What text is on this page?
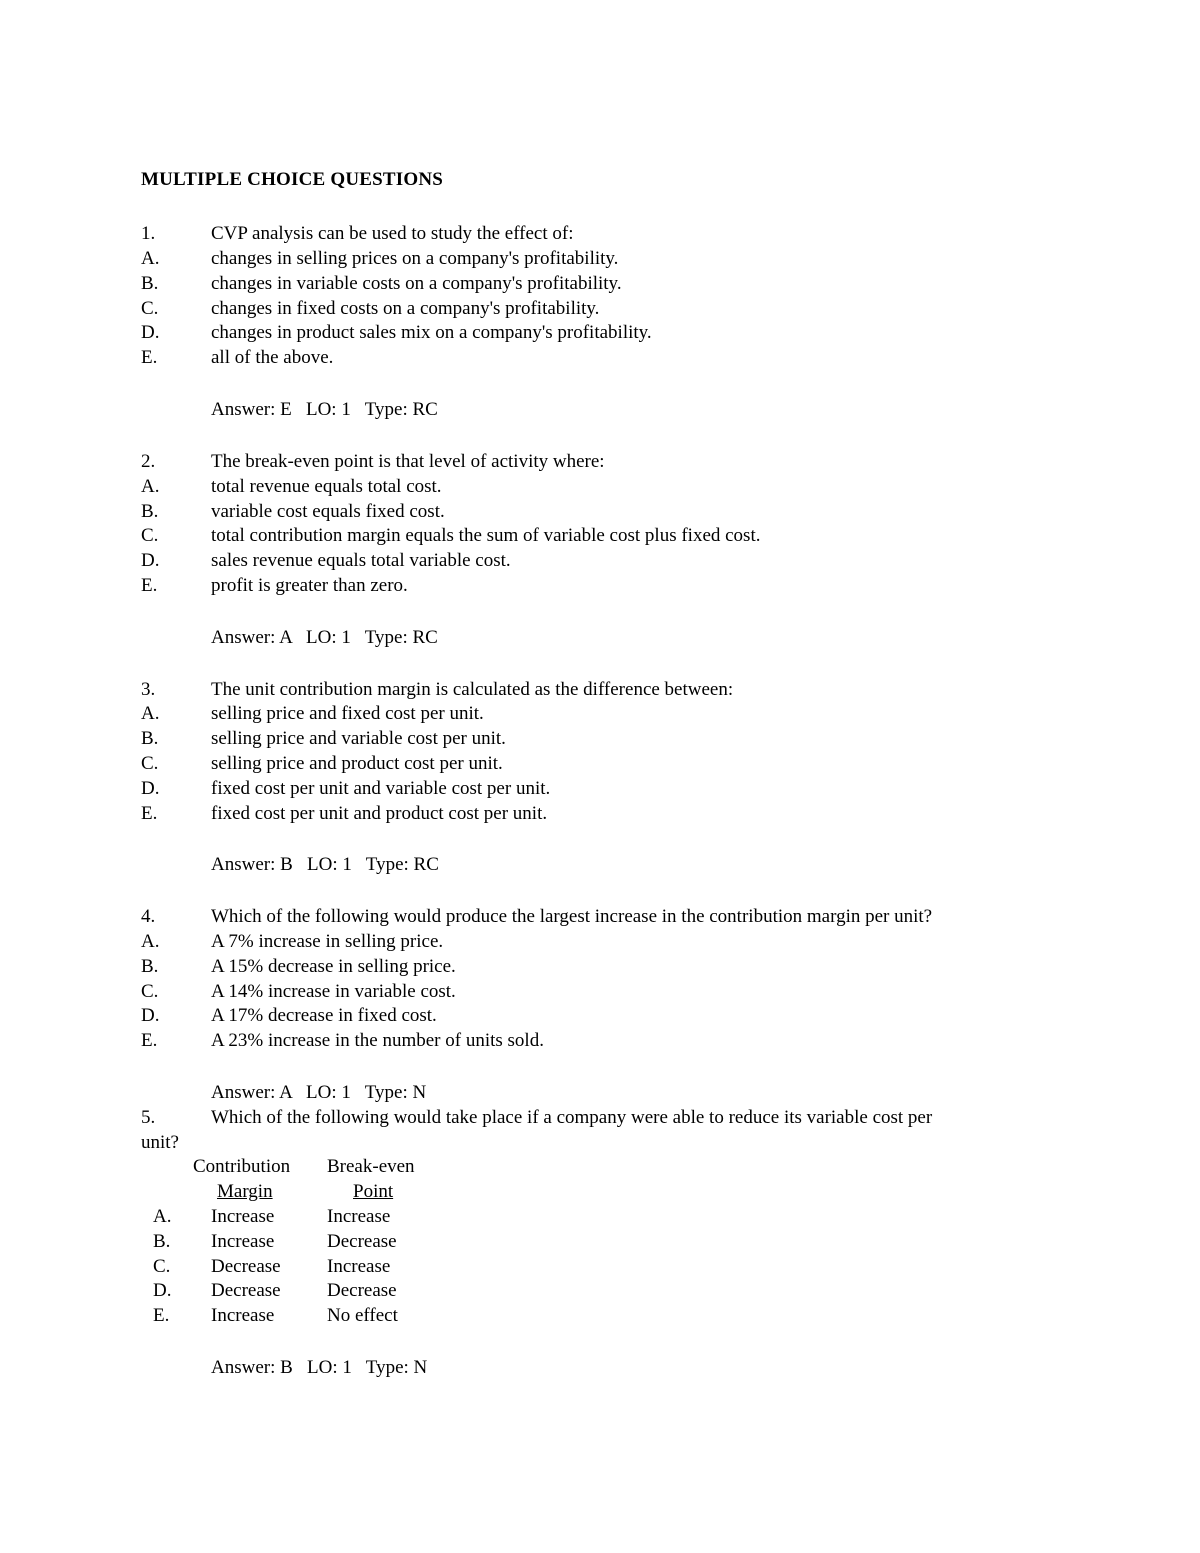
MULTIPLE CHOICE QUESTIONS
1.	CVP analysis can be used to study the effect of:
A.	changes in selling prices on a company's profitability.
B.	changes in variable costs on a company's profitability.
C.	changes in fixed costs on a company's profitability.
D.	changes in product sales mix on a company's profitability.
E.	all of the above.
Answer: E   LO: 1   Type: RC
2.	The break-even point is that level of activity where:
A.	total revenue equals total cost.
B.	variable cost equals fixed cost.
C.	total contribution margin equals the sum of variable cost plus fixed cost.
D.	sales revenue equals total variable cost.
E.	profit is greater than zero.
Answer: A   LO: 1   Type: RC
3.	The unit contribution margin is calculated as the difference between:
A.	selling price and fixed cost per unit.
B.	selling price and variable cost per unit.
C.	selling price and product cost per unit.
D.	fixed cost per unit and variable cost per unit.
E.	fixed cost per unit and product cost per unit.
Answer: B   LO: 1   Type: RC
4.	Which of the following would produce the largest increase in the contribution margin per unit?
A.	A 7% increase in selling price.
B.	A 15% decrease in selling price.
C.	A 14% increase in variable cost.
D.	A 17% decrease in fixed cost.
E.	A 23% increase in the number of units sold.
Answer: A   LO: 1   Type: N
5.	Which of the following would take place if a company were able to reduce its variable cost per
unit?
Contribution Break-even
Margin	Point
A. Increase	Increase
B. Increase	Decrease
C. Decrease Increase
D. Decrease Decrease
E. Increase	No effect
Answer: B   LO: 1   Type: N
